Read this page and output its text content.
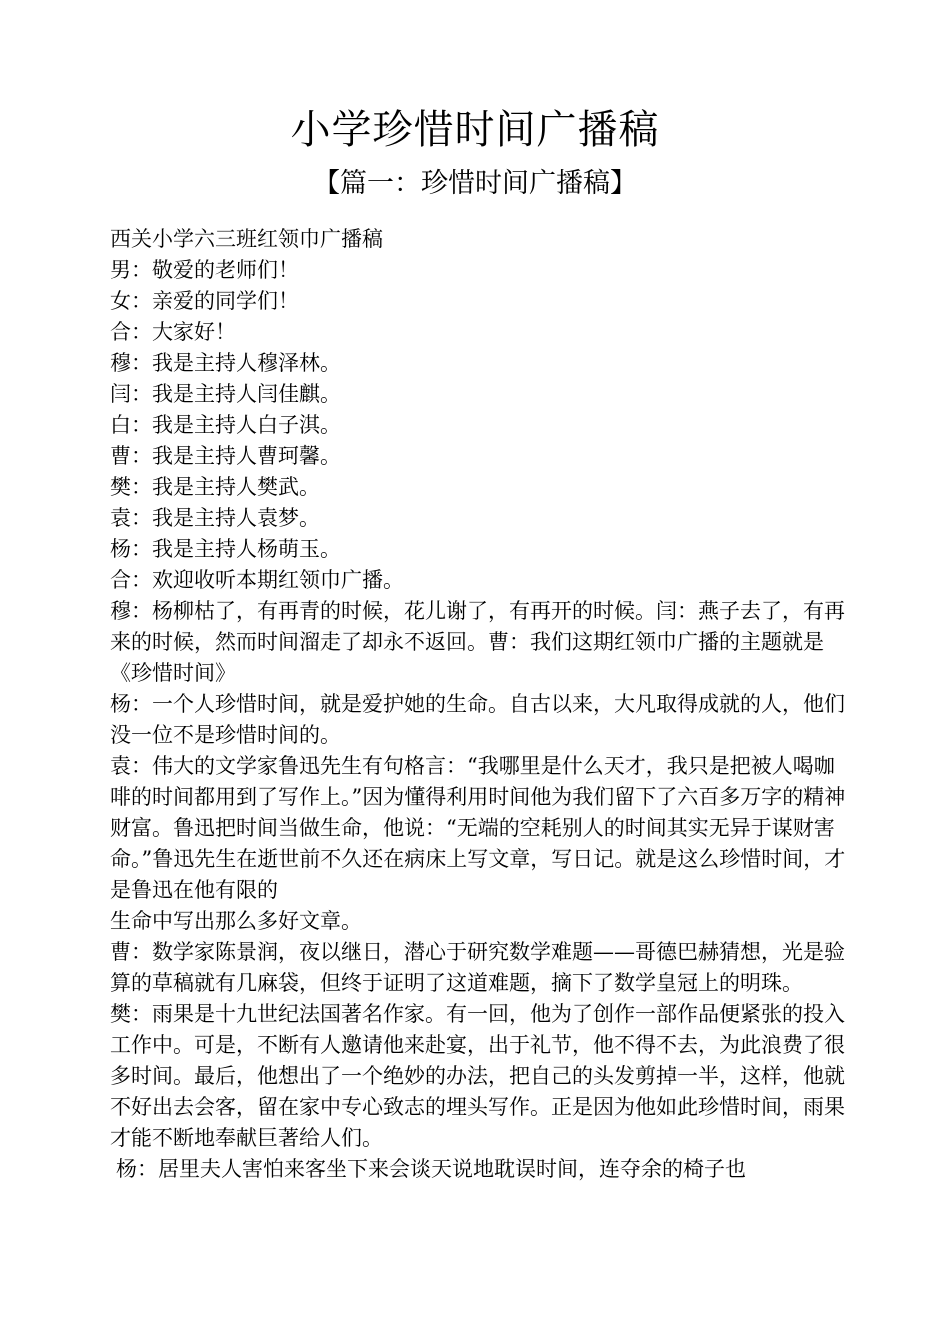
小学珍惜时间广播稿
【篇一：珍惜时间广播稿】

西关小学六三班红领巾广播稿

男：敬爱的老师们！

女：亲爱的同学们！

合：大家好！

穆：我是主持人穆泽林。

闫：我是主持人闫佳麒。

白：我是主持人白子淇。

曹：我是主持人曹珂馨。

樊：我是主持人樊武。

袁：我是主持人袁梦。

杨：我是主持人杨萌玉。

合：欢迎收听本期红领巾广播。

穆：杨柳枯了，有再青的时候，花儿谢了，有再开的时候。闫：燕子去了，有再来的时候，然而时间溜走了却永不返回。曹：我们这期红领巾广播的主题就是《珍惜时间》

杨：一个人珍惜时间，就是爱护她的生命。自古以来，大凡取得成就的人，他们没一位不是珍惜时间的。

袁：伟大的文学家鲁迅先生有句格言：“我哪里是什么天才，我只是把被人喝咖啡的时间都用到了写作上。”因为懂得利用时间他为我们留下了六百多万字的精神财富。鲁迅把时间当做生命，他说：“无端的空耗别人的时间其实无异于谋财害命。”鲁迅先生在逝世前不久还在病床上写文章，写日记。就是这么珍惜时间，才是鲁迅在他有限的

生命中写出那么多好文章。

曹：数学家陈景润，夜以继日，潜心于研究数学难题——哥德巴赫猜想，光是验算的草稿就有几麻袋，但终于证明了这道难题，摘下了数学皇冠上的明珠。

樊：雨果是十九世纪法国著名作家。有一回，他为了创作一部作品便紧张的投入工作中。可是，不断有人邀请他来赴宴，出于礼节，他不得不去，为此浪费了很多时间。最后，他想出了一个绝妙的办法，把自己的头发剪掉一半，这样，他就不好出去会客，留在家中专心致志的埋头写作。正是因为他如此珍惜时间，雨果才能不断地奉献巨著给人们。

杨：居里夫人害怕来客坐下来会谈天说地耽误时间，连夺余的椅子也
